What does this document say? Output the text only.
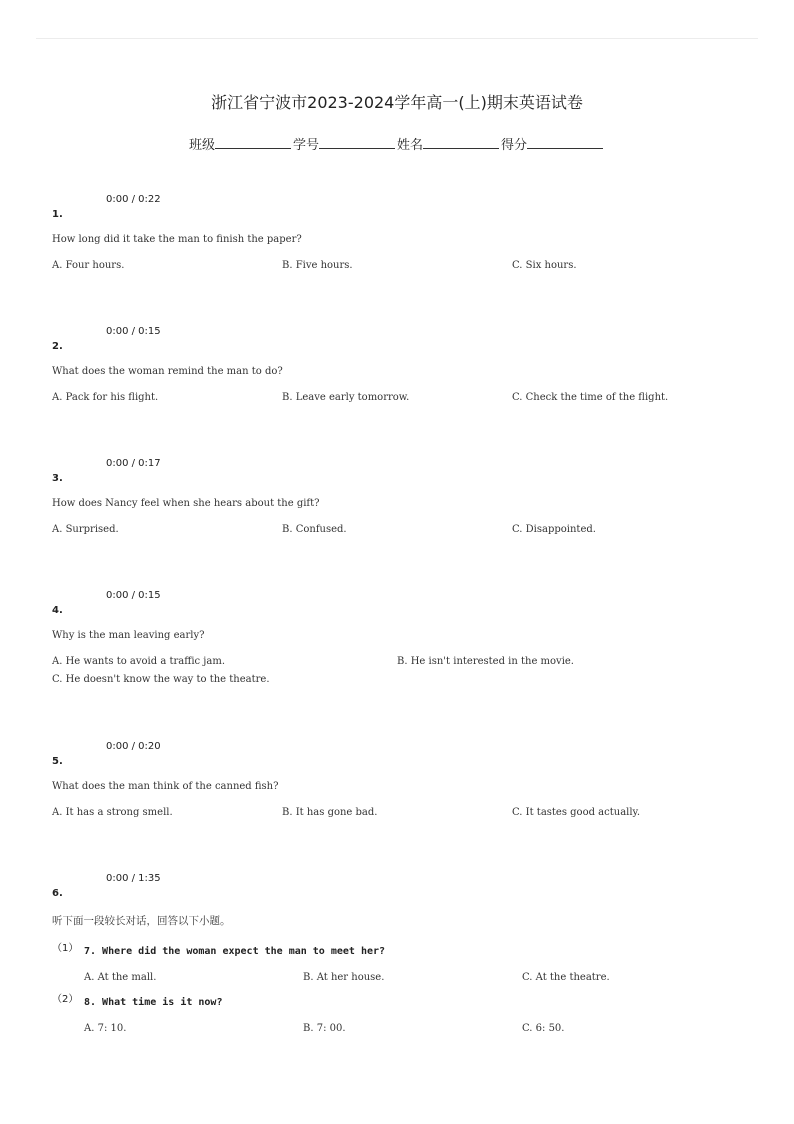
浙江省宁波市2023-2024学年高一(上)期末英语试卷
班级	学号	姓名	得分
0:00 / 0:22
1.
How long did it take the man to finish the paper?
A. Four hours.	B. Five hours.	C. Six hours.
0:00 / 0:15
2.
What does the woman remind the man to do?
A. Pack for his flight.	B. Leave early tomorrow.	C. Check the time of the flight.
0:00 / 0:17
3.
How does Nancy feel when she hears about the gift?
A. Surprised.	B. Confused.	C. Disappointed.
0:00 / 0:15
4.
Why is the man leaving early?
A. He wants to avoid a traffic jam.	B. He isn't interested in the movie.
C. He doesn't know the way to the theatre.
0:00 / 0:20
5.
What does the man think of the canned fish?
A. It has a strong smell.	B. It has gone bad.	C. It tastes good actually.
0:00 / 1:35
6.
听下面一段较长对话，回答以下小题。
（1） 7. Where did the woman expect the man to meet her?
A. At the mall.	B. At her house.	C. At the theatre.
（2） 8. What time is it now?
A. 7: 10.	B. 7: 00.	C. 6: 50.
